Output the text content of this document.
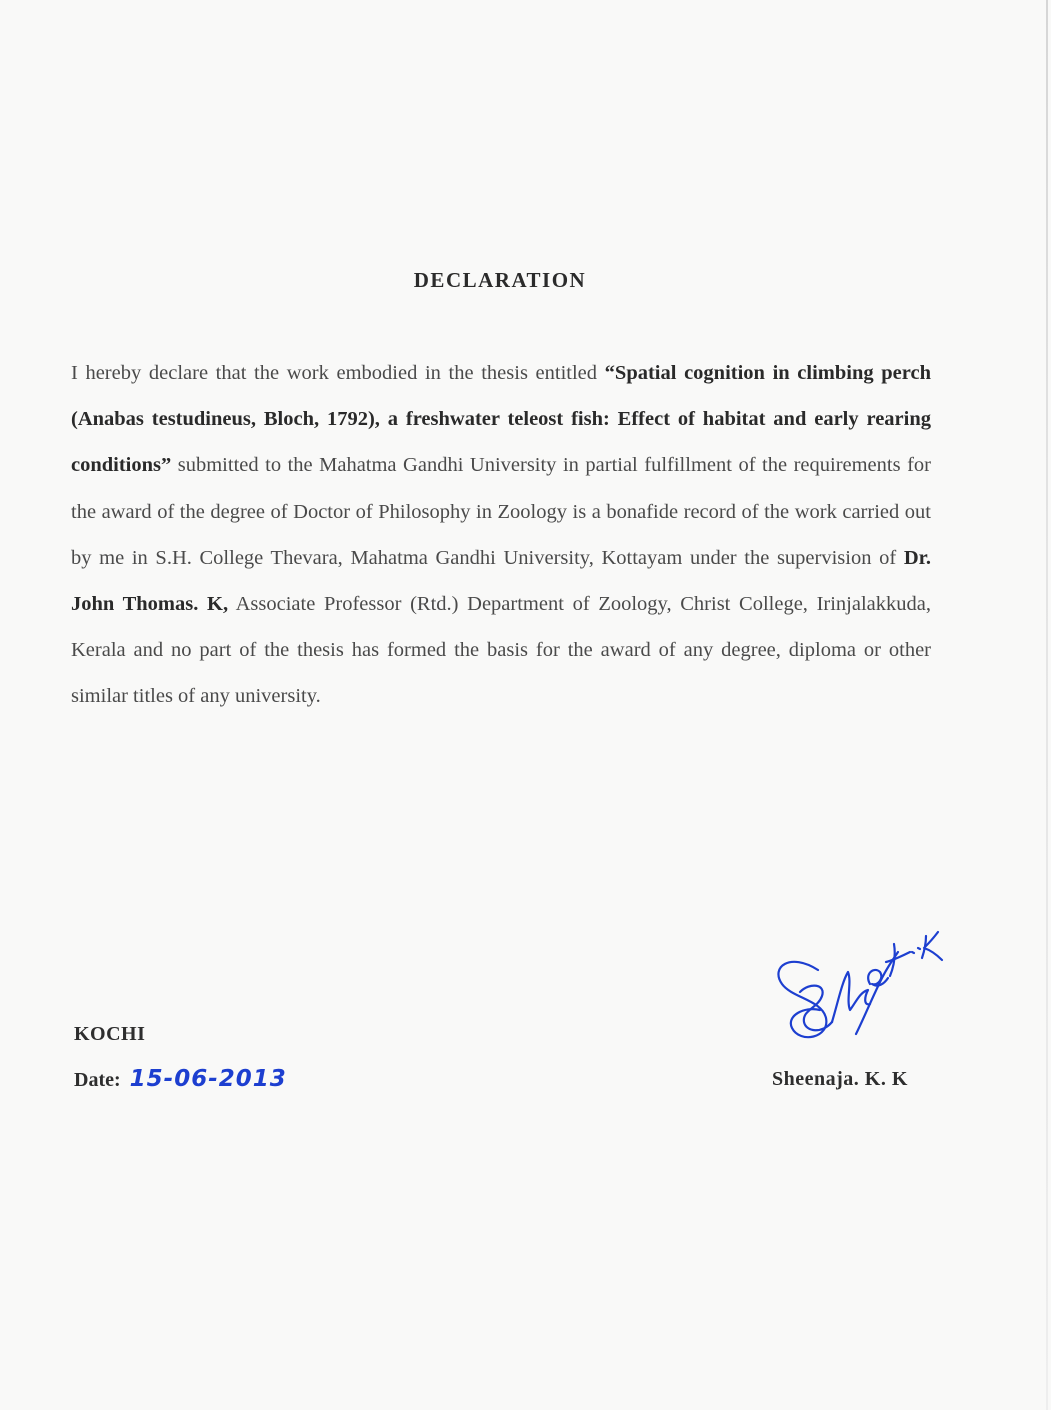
DECLARATION
I hereby declare that the work embodied in the thesis entitled “Spatial cognition in climbing perch (Anabas testudineus, Bloch, 1792), a freshwater teleost fish: Effect of habitat and early rearing conditions” submitted to the Mahatma Gandhi University in partial fulfillment of the requirements for the award of the degree of Doctor of Philosophy in Zoology is a bonafide record of the work carried out by me in S.H. College Thevara, Mahatma Gandhi University, Kottayam under the supervision of Dr. John Thomas. K, Associate Professor (Rtd.) Department of Zoology, Christ College, Irinjalakkuda, Kerala and no part of the thesis has formed the basis for the award of any degree, diploma or other similar titles of any university.
KOCHI
Date: 15-06-2013	Sheenaja. K. K
